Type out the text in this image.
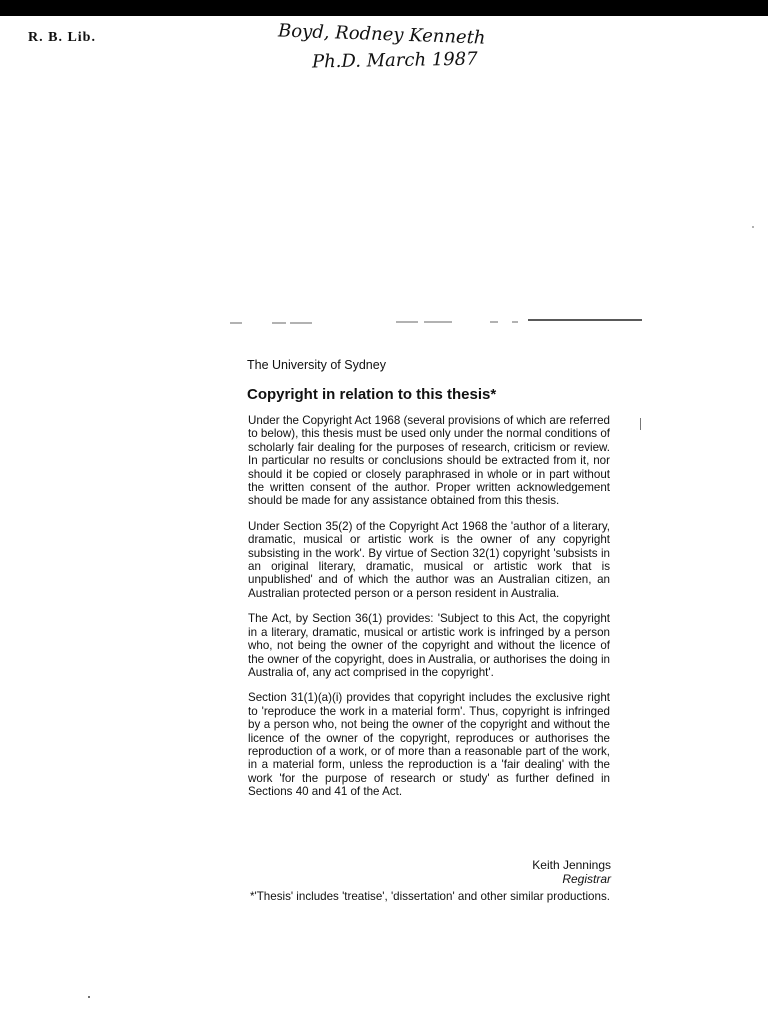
R. B. Lib.	Boyd, Rodney Kenneth
Ph.D. March 1987
The University of Sydney
Copyright in relation to this thesis*

Under the Copyright Act 1968 (several provisions of which are referred to below), this thesis must be used only under the normal conditions of scholarly fair dealing for the purposes of research, criticism or review. In particular no results or conclusions should be extracted from it, nor should it be copied or closely paraphrased in whole or in part without the written consent of the author. Proper written acknowledgement should be made for any assistance obtained from this thesis.

Under Section 35(2) of the Copyright Act 1968 the 'author of a literary, dramatic, musical or artistic work is the owner of any copyright subsisting in the work'. By virtue of Section 32(1) copyright 'subsists in an original literary, dramatic, musical or artistic work that is unpublished' and of which the author was an Australian citizen, an Australian protected person or a person resident in Australia.

The Act, by Section 36(1) provides: 'Subject to this Act, the copyright in a literary, dramatic, musical or artistic work is infringed by a person who, not being the owner of the copyright and without the licence of the owner of the copyright, does in Australia, or authorises the doing in Australia of, any act comprised in the copyright'.

Section 31(1)(a)(i) provides that copyright includes the exclusive right to 'reproduce the work in a material form'. Thus, copyright is infringed by a person who, not being the owner of the copyright and without the licence of the owner of the copyright, reproduces or authorises the reproduction of a work, or of more than a reasonable part of the work, in a material form, unless the reproduction is a 'fair dealing' with the work 'for the purpose of research or study' as further defined in Sections 40 and 41 of the Act.

Keith Jennings
Registrar
*'Thesis' includes 'treatise', 'dissertation' and other similar productions.
